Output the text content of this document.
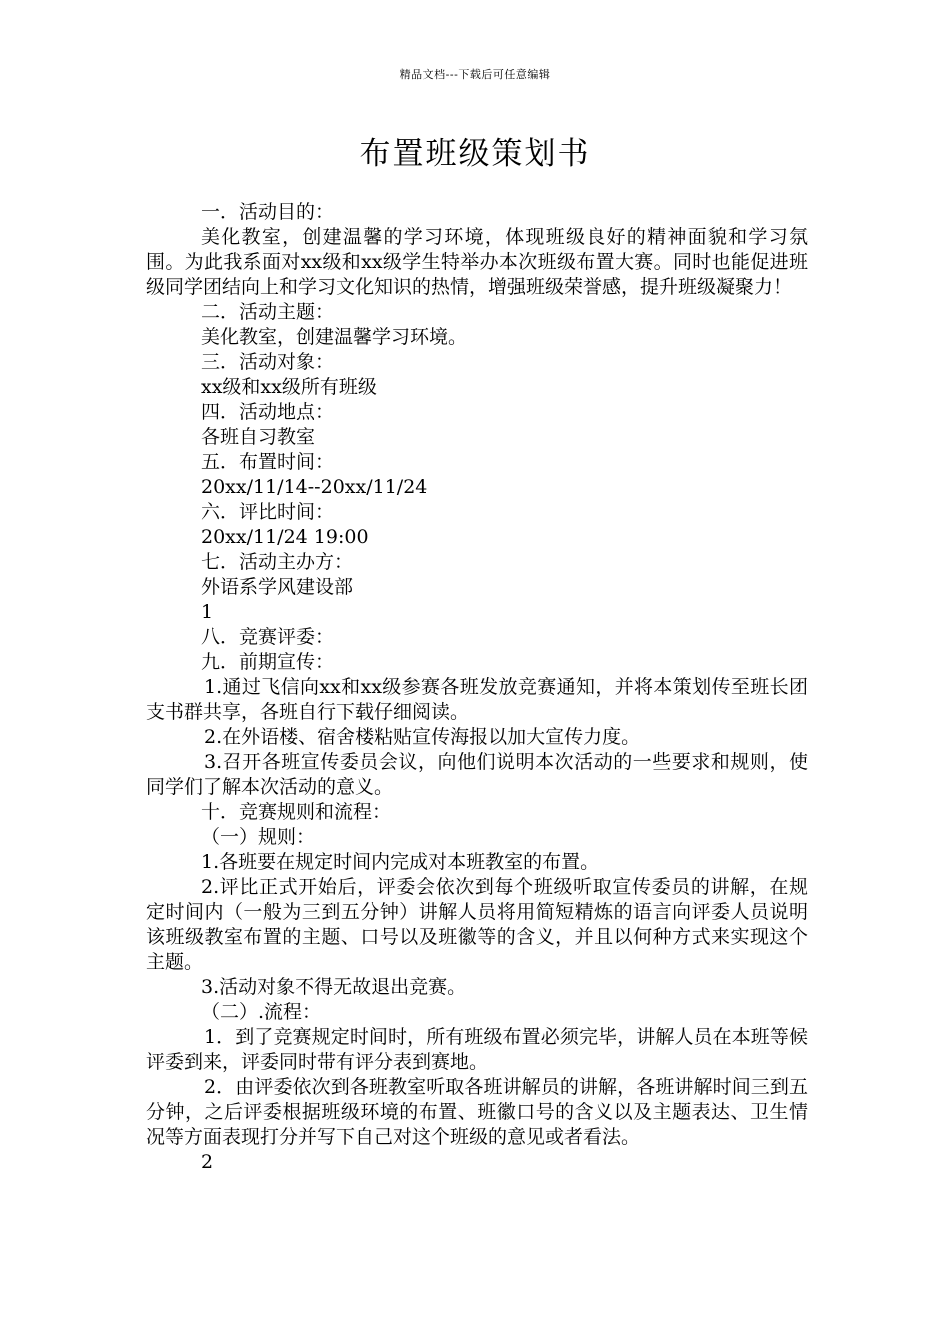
精品文档---下载后可任意编辑
布置班级策划书

一．活动目的：

美化教室，创建温馨的学习环境，体现班级良好的精神面貌和学习氛围。为此我系面对xx级和xx级学生特举办本次班级布置大赛。同时也能促进班级同学团结向上和学习文化知识的热情，增强班级荣誉感，提升班级凝聚力！

二．活动主题：

美化教室，创建温馨学习环境。

三．活动对象：

xx级和xx级所有班级

四．活动地点：

各班自习教室

五．布置时间：

20xx/11/14--20xx/11/24

六．评比时间：

20xx/11/24 19:00

七．活动主办方：

外语系学风建设部

1

八．竞赛评委：

九．前期宣传：

1.通过飞信向xx和xx级参赛各班发放竞赛通知，并将本策划传至班长团支书群共享，各班自行下载仔细阅读。

2.在外语楼、宿舍楼粘贴宣传海报以加大宣传力度。

3.召开各班宣传委员会议，向他们说明本次活动的一些要求和规则，使同学们了解本次活动的意义。

十．竞赛规则和流程：

（一）规则：

1.各班要在规定时间内完成对本班教室的布置。

2.评比正式开始后，评委会依次到每个班级听取宣传委员的讲解，在规定时间内（一般为三到五分钟）讲解人员将用简短精炼的语言向评委人员说明该班级教室布置的主题、口号以及班徽等的含义，并且以何种方式来实现这个主题。

3.活动对象不得无故退出竞赛。

（二）.流程：

1．到了竞赛规定时间时，所有班级布置必须完毕，讲解人员在本班等候评委到来，评委同时带有评分表到赛地。

2．由评委依次到各班教室听取各班讲解员的讲解，各班讲解时间三到五分钟，之后评委根据班级环境的布置、班徽口号的含义以及主题表达、卫生情况等方面表现打分并写下自己对这个班级的意见或者看法。

2
